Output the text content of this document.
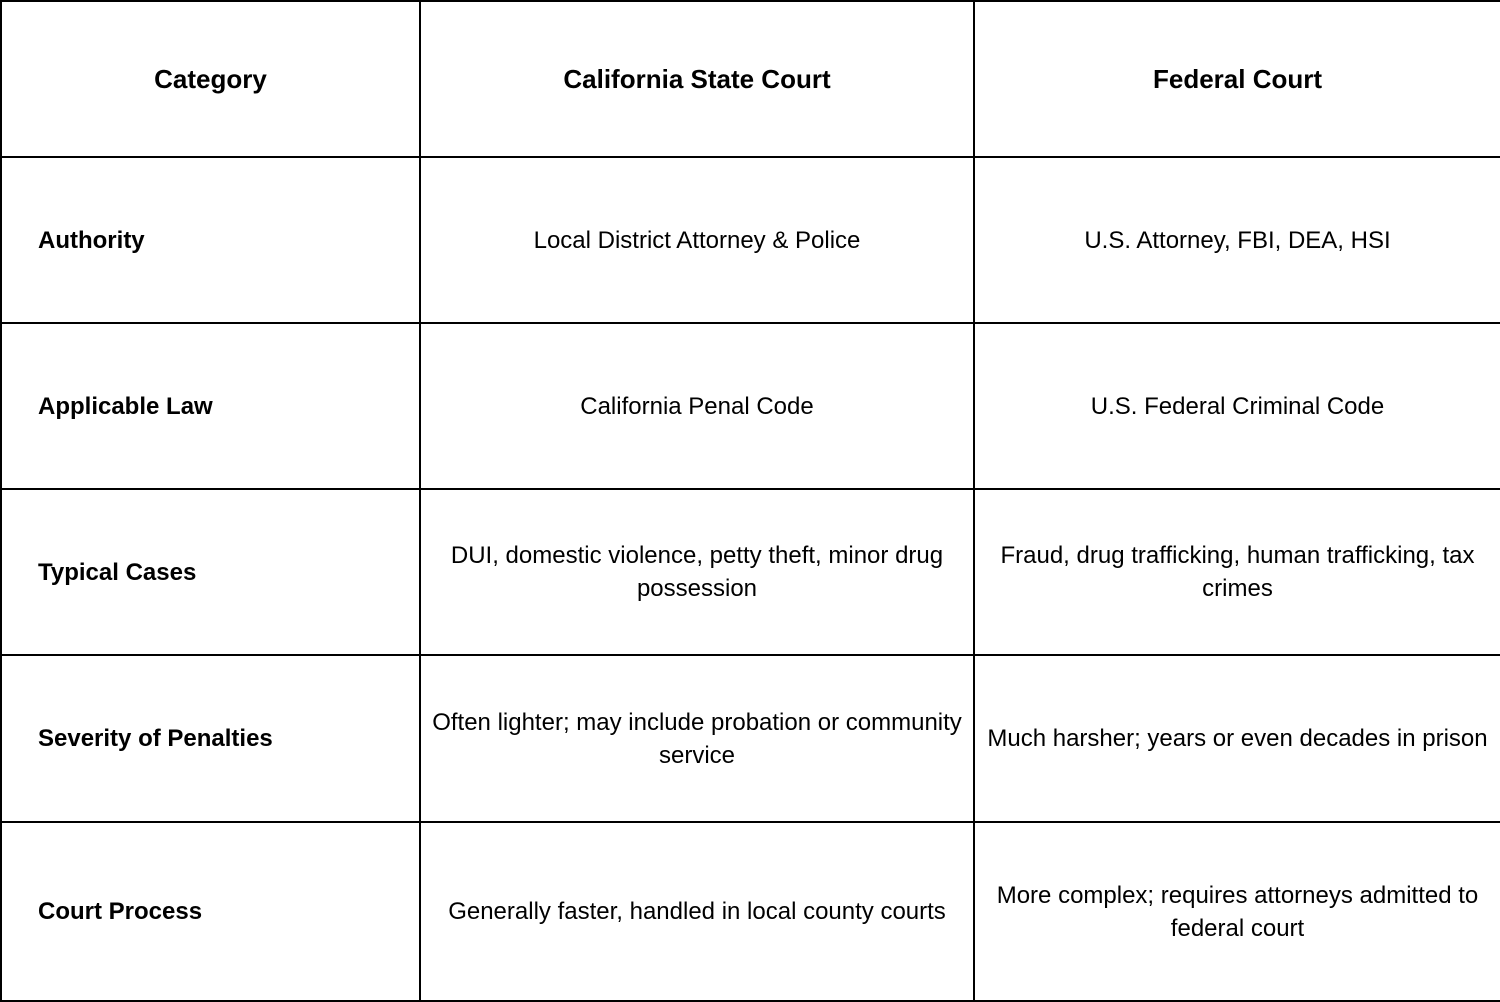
Category	California State Court	Federal Court
Authority	Local District Attorney & Police	U.S. Attorney, FBI, DEA, HSI
Applicable Law	California Penal Code	U.S. Federal Criminal Code
Typical Cases	DUI, domestic violence, petty theft, minor drug possession	Fraud, drug trafficking, human trafficking, tax crimes
Severity of Penalties	Often lighter; may include probation or community service	Much harsher; years or even decades in prison
Court Process	Generally faster, handled in local county courts	More complex; requires attorneys admitted to federal court
